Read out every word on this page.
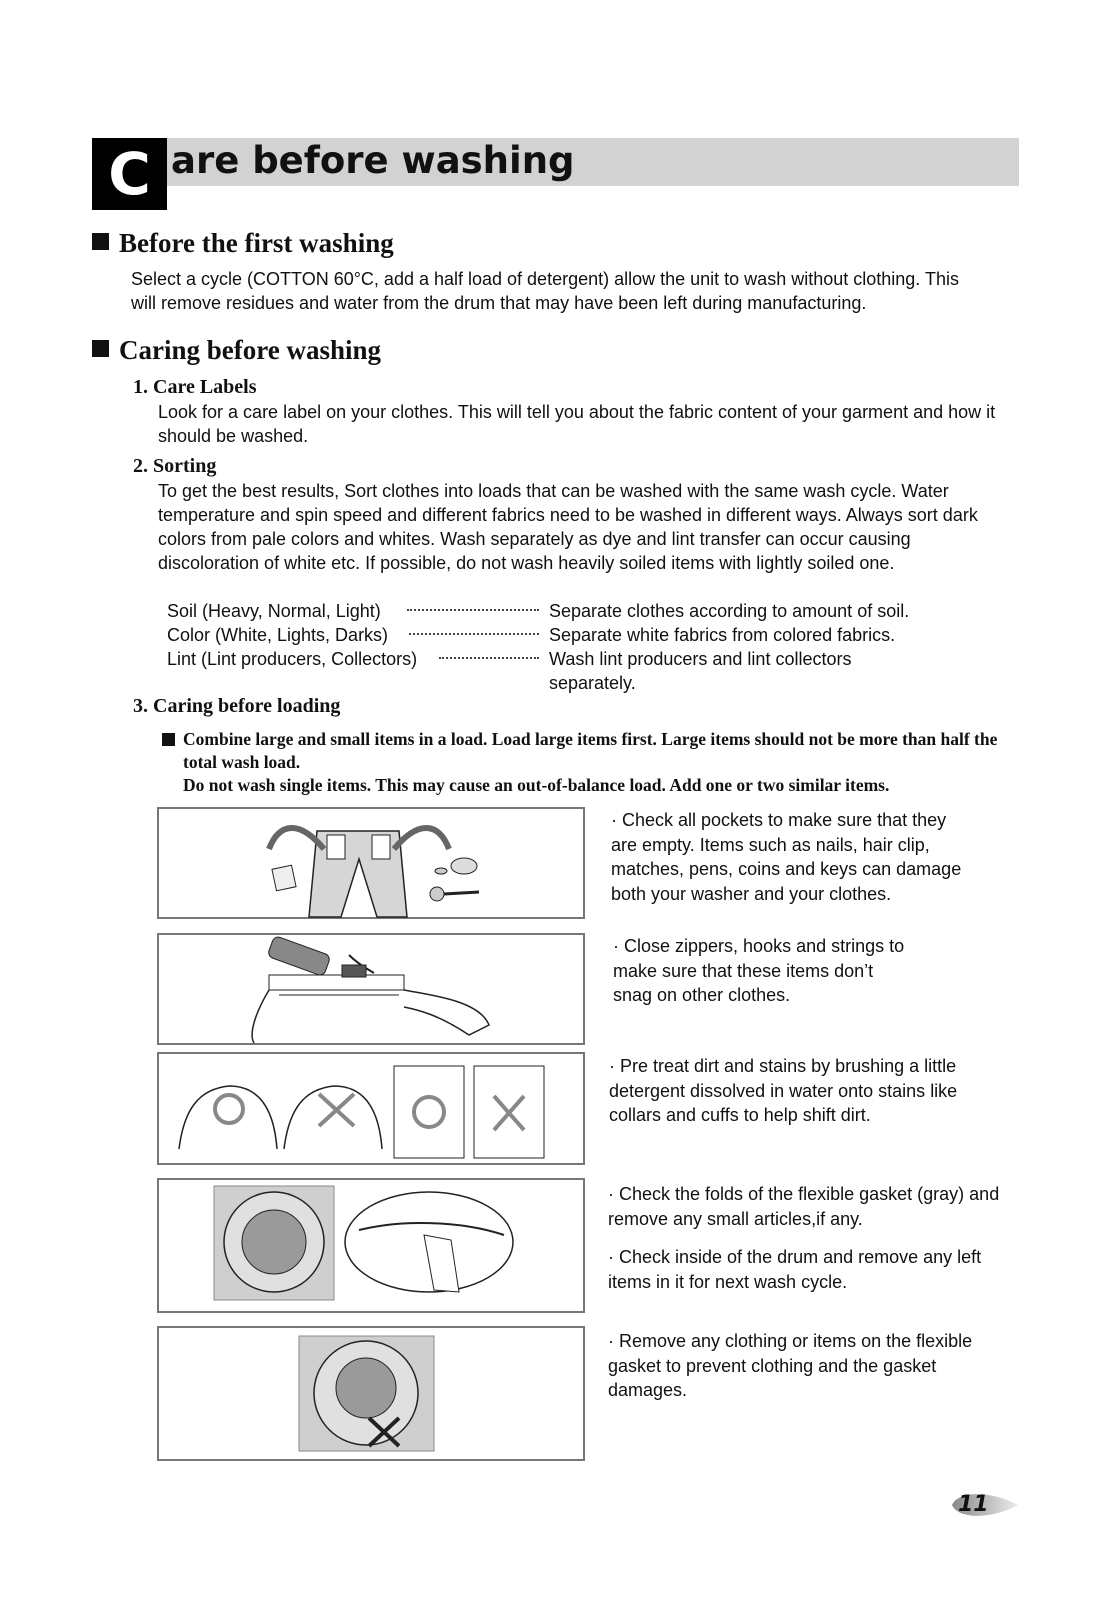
C are before washing
Before the first washing

Select a cycle (COTTON 60°C, add a half load of detergent) allow the unit to wash without clothing. This will remove residues and water from the drum that may have been left during manufacturing.

Caring before washing
1. Care Labels

Look for a care label on your clothes. This will tell you about the fabric content of your garment and how it should be washed.

2. Sorting

To get the best results, Sort clothes into loads that can be washed with the same wash cycle. Water temperature and spin speed and different fabrics need to be washed in different ways. Always sort dark colors from pale colors and whites. Wash separately as dye and lint transfer can occur causing discoloration of white etc. If possible, do not wash heavily soiled items with lightly soiled one.

Soil (Heavy, Normal, Light)	Separate clothes according to amount of soil.
Color (White, Lights, Darks)	Separate white fabrics from colored fabrics.
Lint (Lint producers, Collectors)	Wash lint producers and lint collectors separately.
3. Caring before loading

Combine large and small items in a load. Load large items first. Large items should not be more than half the total wash load.

Do not wash single items. This may cause an out-of-balance load. Add one or two similar items.

· Check all pockets to make sure that they
are empty. Items such as nails, hair clip,
matches, pens, coins and keys can damage
both your washer and your clothes.

· Close zippers, hooks and strings to
make sure that these items don’t
snag on other clothes.

· Pre treat dirt and stains by brushing a little
detergent dissolved in water onto stains like
collars and cuffs to help shift dirt.

· Check the folds of the flexible gasket (gray) and
remove any small articles,if any.

· Check inside of the drum and remove any left
items in it for next wash cycle.

· Remove any clothing or items on the flexible
gasket to prevent clothing and the gasket
damages.

11
